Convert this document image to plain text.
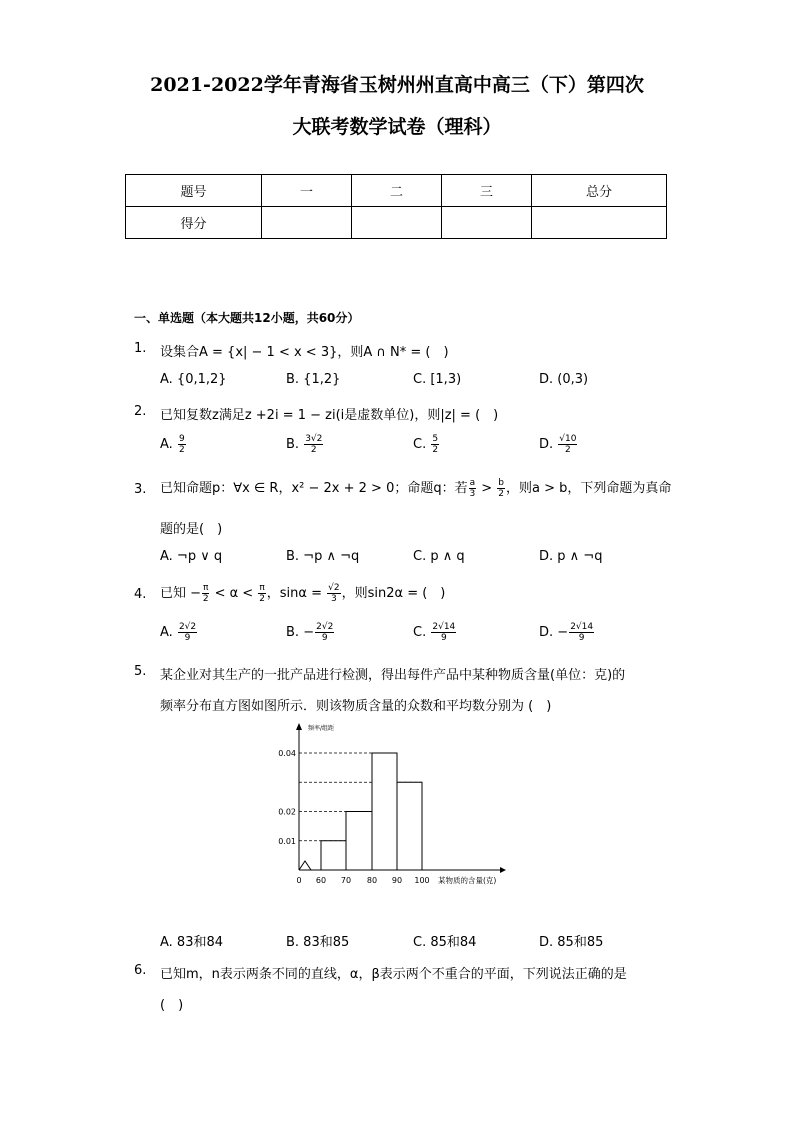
2021-2022学年青海省玉树州州直高中高三（下）第四次
大联考数学试卷（理科）
题号	一	二	三	总分
得分				
一、单选题（本大题共12小题，共60分）
1. 设集合A = {x| − 1 < x < 3}，则A ∩ N* = (　)
A. {0,1,2}	B. {1,2}	C. [1,3)	D. (0,3)
2. 已知复数z满足z +2i = 1 − zi(i是虚数单位)，则|z| = (　)
A. $\frac{9}{2}$	B. $\frac{3√2}{2}$	C. $\frac{5}{2}$	D. $\frac{√10}{2}$
3. 已知命题p：∀x ∈ R，x² − 2x + 2 > 0；命题q：若 $\frac{a}{3} > \frac{b}{2}$ ，则a > b，下列命题为真命
题的是(　)
A. ¬p ∨ q	B. ¬p ∧ ¬q	C. p ∧ q	D. p ∧ ¬q
4. 已知 − $\frac{\pi}{2} < \alpha < \frac{\pi}{2}$ ，$\sin\alpha = \frac{√2}{3}$ ，则sin2α = (　)
A. $\frac{2√2}{9}$	B. − $\frac{2√2}{9}$	C. $\frac{2√14}{9}$	D. − $\frac{2√14}{9}$
5. 某企业对其生产的一批产品进行检测，得出每件产品中某种物质含量(单位：克)的
频率分布直方图如图所示．则该物质含量的众数和平均数分别为 (　)
频率/组距
某物质的含量(克)
0.01
0.02
0.04
0 60 70 80 90 100
A. 83和84	B. 83和85	C. 85和84	D. 85和85
6. 已知m，n表示两条不同的直线，α，β表示两个不重合的平面，下列说法正确的是
(　)
